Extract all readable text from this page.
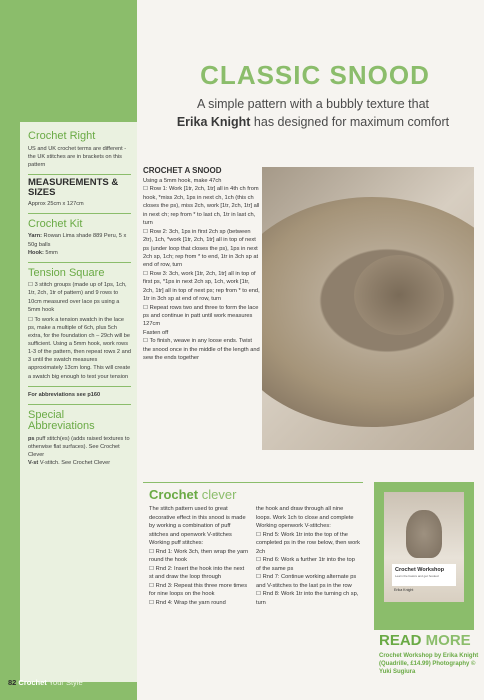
Crochet Right
US and UK crochet terms are different - the UK stitches are in brackets on this pattern
MEASUREMENTS & SIZES
Approx 25cm x 127cm
Crochet Kit
Yarn: Rowan Lima shade 889 Peru, 5 x 50g balls
Hook: 5mm
Tension Square
☐ 3 stitch groups (made up of 1ps, 1ch, 1tr, 2ch, 1tr of pattern) and 9 rows to 10cm measured over lace ps using a 5mm hook
☐ To work a tension swatch in the lace ps, make a multiple of 6ch, plus 5ch extra, for the foundation ch – 29ch will be sufficient. Using a 5mm hook, work rows 1-3 of the pattern, then repeat rows 2 and 3 until the swatch measures approximately 13cm long. This will create a swatch big enough to test your tension
For abbreviations see p160
Special Abbreviations
ps puff stitch(es) (adds raised textures to otherwise flat surfaces). See Crochet Clever
V-st V-stitch. See Crochet Clever
CLASSIC SNOOD
A simple pattern with a bubbly texture that
Erika Knight has designed for maximum comfort
CROCHET A SNOOD
Using a 5mm hook, make 47ch
☐ Row 1: Work [1tr, 2ch, 1tr] all in 4th ch from hook, *miss 2ch, 1ps in next ch, 1ch (this ch closes the ps), miss 2ch, work [1tr, 2ch, 1tr] all in next ch; rep from * to last ch, 1tr in last ch, turn
☐ Row 2: 3ch, 1ps in first 2ch sp (between 2tr), 1ch, *work [1tr, 2ch, 1tr] all in top of next ps (under loop that closes the ps), 1ps in next 2ch sp, 1ch; rep from * to end, 1tr in 3ch sp at end of row, turn
☐ Row 3: 3ch, work [1tr, 2ch, 1tr] all in top of first ps, *1ps in next 2ch sp, 1ch, work [1tr, 2ch, 1tr] all in top of next ps; rep from * to end, 1tr in 3ch sp at end of row, turn
☐ Repeat rows two and three to form the lace ps and continue in patt until work measures 127cm
Fasten off
☐ To finish, weave in any loose ends. Twist the snood once in the middle of the length and sew the ends together
Crochet clever
The stitch pattern used to great decorative effect in this snood is made by working a combination of puff stitches and openwork V-stitches
Working puff stitches:
☐ Rnd 1: Work 3ch, then wrap the yarn round the hook
☐ Rnd 2: Insert the hook into the next st and draw the loop through
☐ Rnd 3: Repeat this three more times for nine loops on the hook
☐ Rnd 4: Wrap the yarn round
the hook and draw through all nine loops. Work 1ch to close and complete
Working openwork V-stitches:
☐ Rnd 5: Work 1tr into the top of the completed ps in the row below, then work 2ch
☐ Rnd 6: Work a further 1tr into the top of the same ps
☐ Rnd 7: Continue working alternate ps and V-stitches to the last ps in the row
☐ Rnd 8: Work 1tr into the turning ch sp, turn
Crochet Workshop
Learn the basics and get hooked
Erika Knight
READ MORE
Crochet Workshop by Erika Knight (Quadrille, £14.99) Photography © Yuki Sugiura
82 Crochet Your Style
